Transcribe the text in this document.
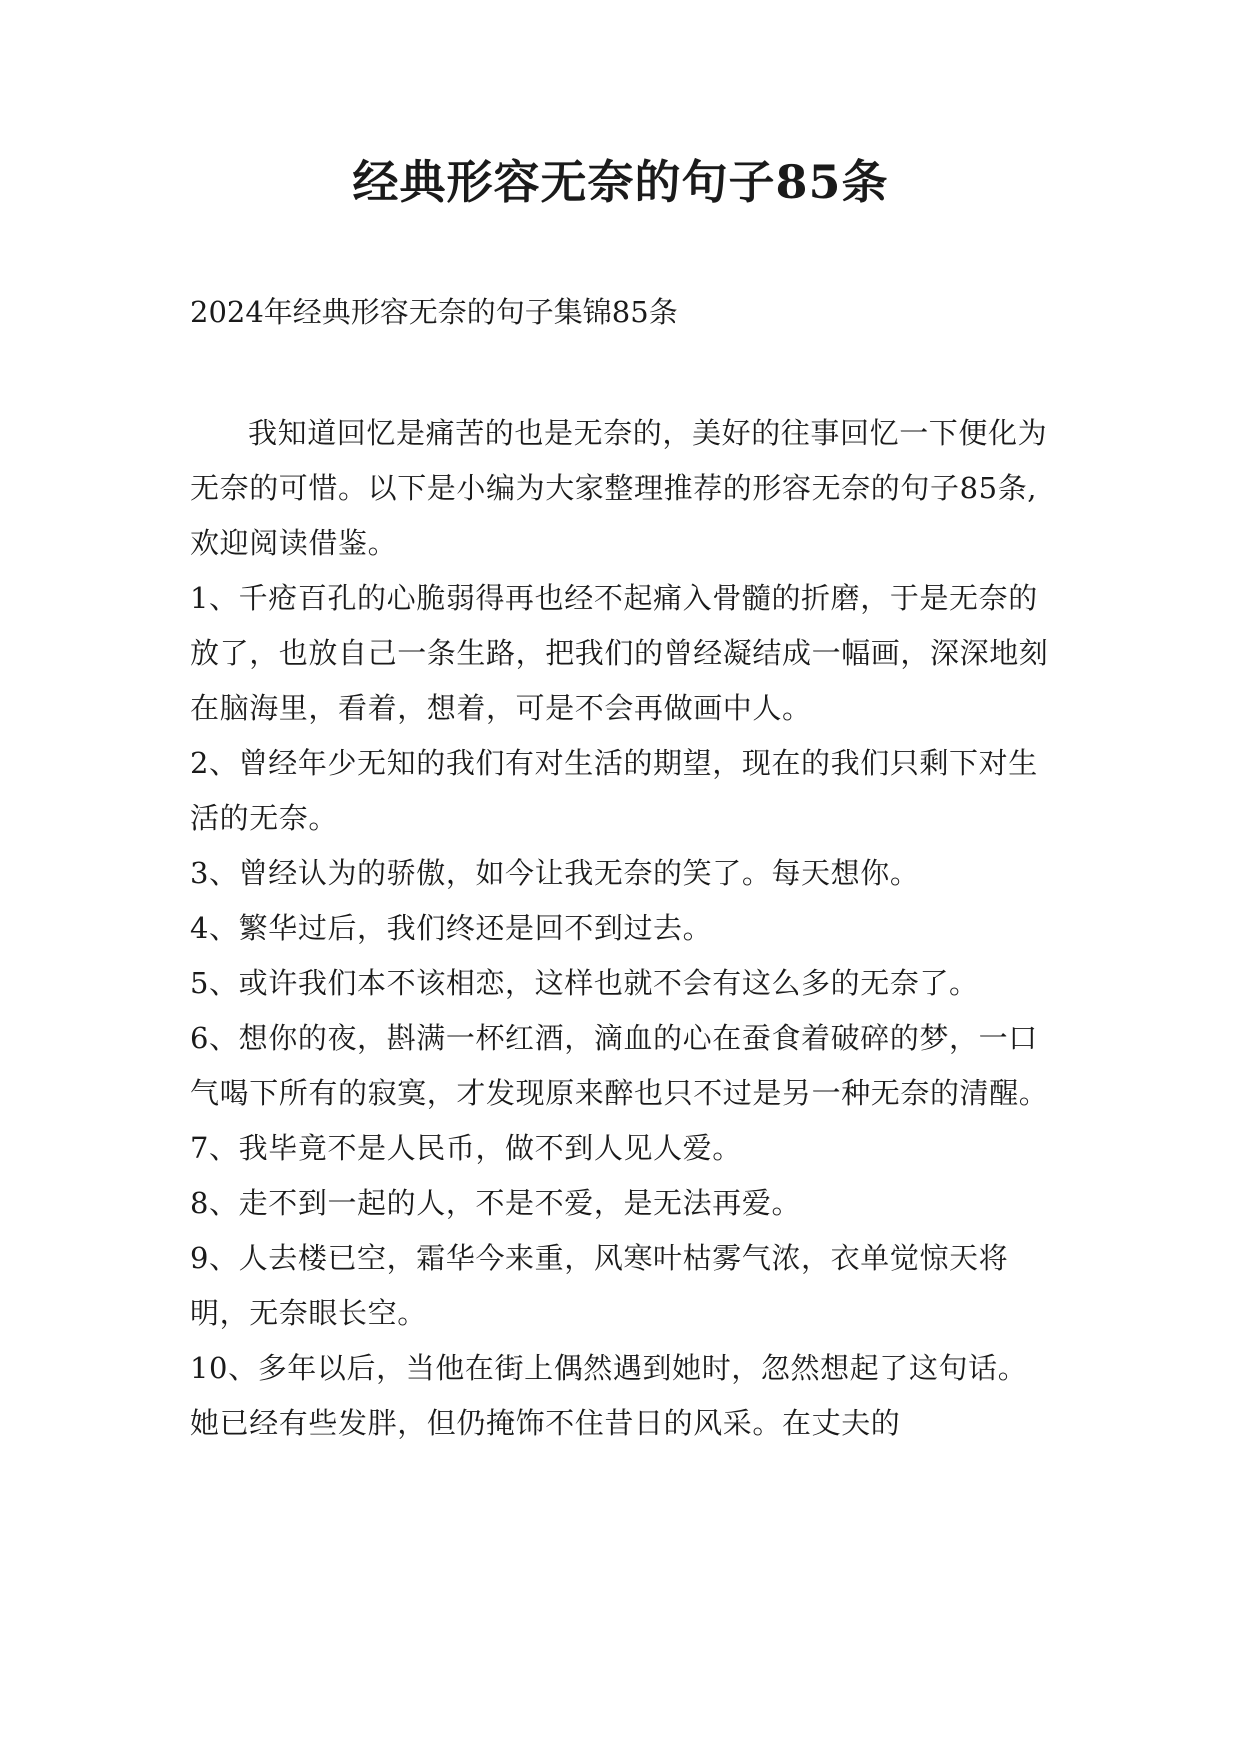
经典形容无奈的句子85条
2024年经典形容无奈的句子集锦85条

我知道回忆是痛苦的也是无奈的，美好的往事回忆一下便化为无奈的可惜。以下是小编为大家整理推荐的形容无奈的句子85条,欢迎阅读借鉴。

1、千疮百孔的心脆弱得再也经不起痛入骨髓的折磨，于是无奈的放了，也放自己一条生路，把我们的曾经凝结成一幅画，深深地刻在脑海里，看着，想着，可是不会再做画中人。

2、曾经年少无知的我们有对生活的期望，现在的我们只剩下对生活的无奈。

3、曾经认为的骄傲，如今让我无奈的笑了。每天想你。

4、繁华过后，我们终还是回不到过去。

5、或许我们本不该相恋，这样也就不会有这么多的无奈了。

6、想你的夜，斟满一杯红酒，滴血的心在蚕食着破碎的梦，一口气喝下所有的寂寞，才发现原来醉也只不过是另一种无奈的清醒。

7、我毕竟不是人民币，做不到人见人爱。

8、走不到一起的人，不是不爱，是无法再爱。

9、人去楼已空，霜华今来重，风寒叶枯雾气浓，衣单觉惊天将明，无奈眼长空。

10、多年以后，当他在街上偶然遇到她时，忽然想起了这句话。她已经有些发胖，但仍掩饰不住昔日的风采。在丈夫的
